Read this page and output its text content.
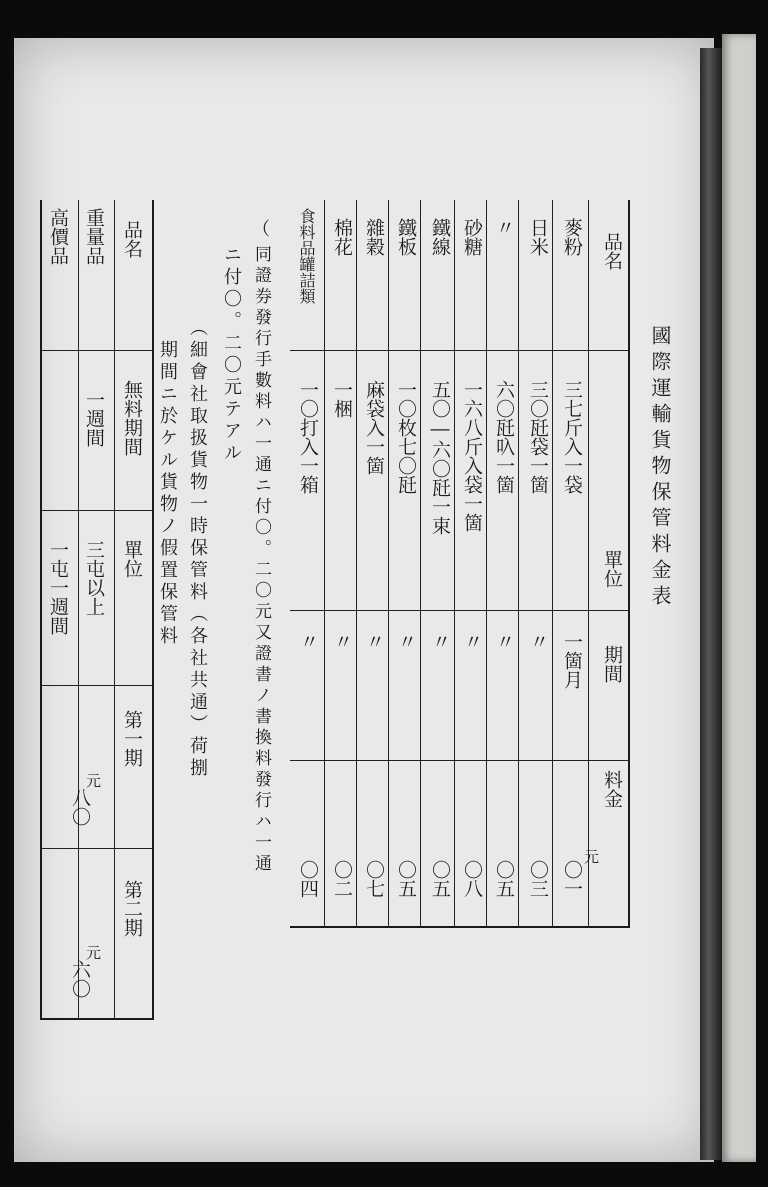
國際運輸貨物保管料金表
品名
單位
期間
料金
元
麥粉
三七斤入一袋
一箇月
〇一
日米
三〇瓩袋一箇
〃
〇三
〃
六〇瓩叺一箇
〃
〇五
砂糖
一六八斤入袋一箇
〃
〇八
鐵線
五〇―六〇瓩一束
〃
〇五
鐵板
一〇枚七〇瓩
〃
〇五
雜穀
麻袋入一箇
〃
〇七
棉花
一梱
〃
〇二
食料品罐詰類
一〇打入一箱
〃
〇四
（
同證券發行手數料ハ一通ニ付〇。二〇元又證書ノ書換料發行ハ一通
ニ付〇。二〇元テアル
（細會社取扱貨物一時保管料（各社共通）荷捌
期間ニ於ケル貨物ノ假置保管料
品名
無料期間
單位
第一期
第二期
重量品
一週間
三屯以上
元
八〇
元
六〇
高價品
一屯一週間
